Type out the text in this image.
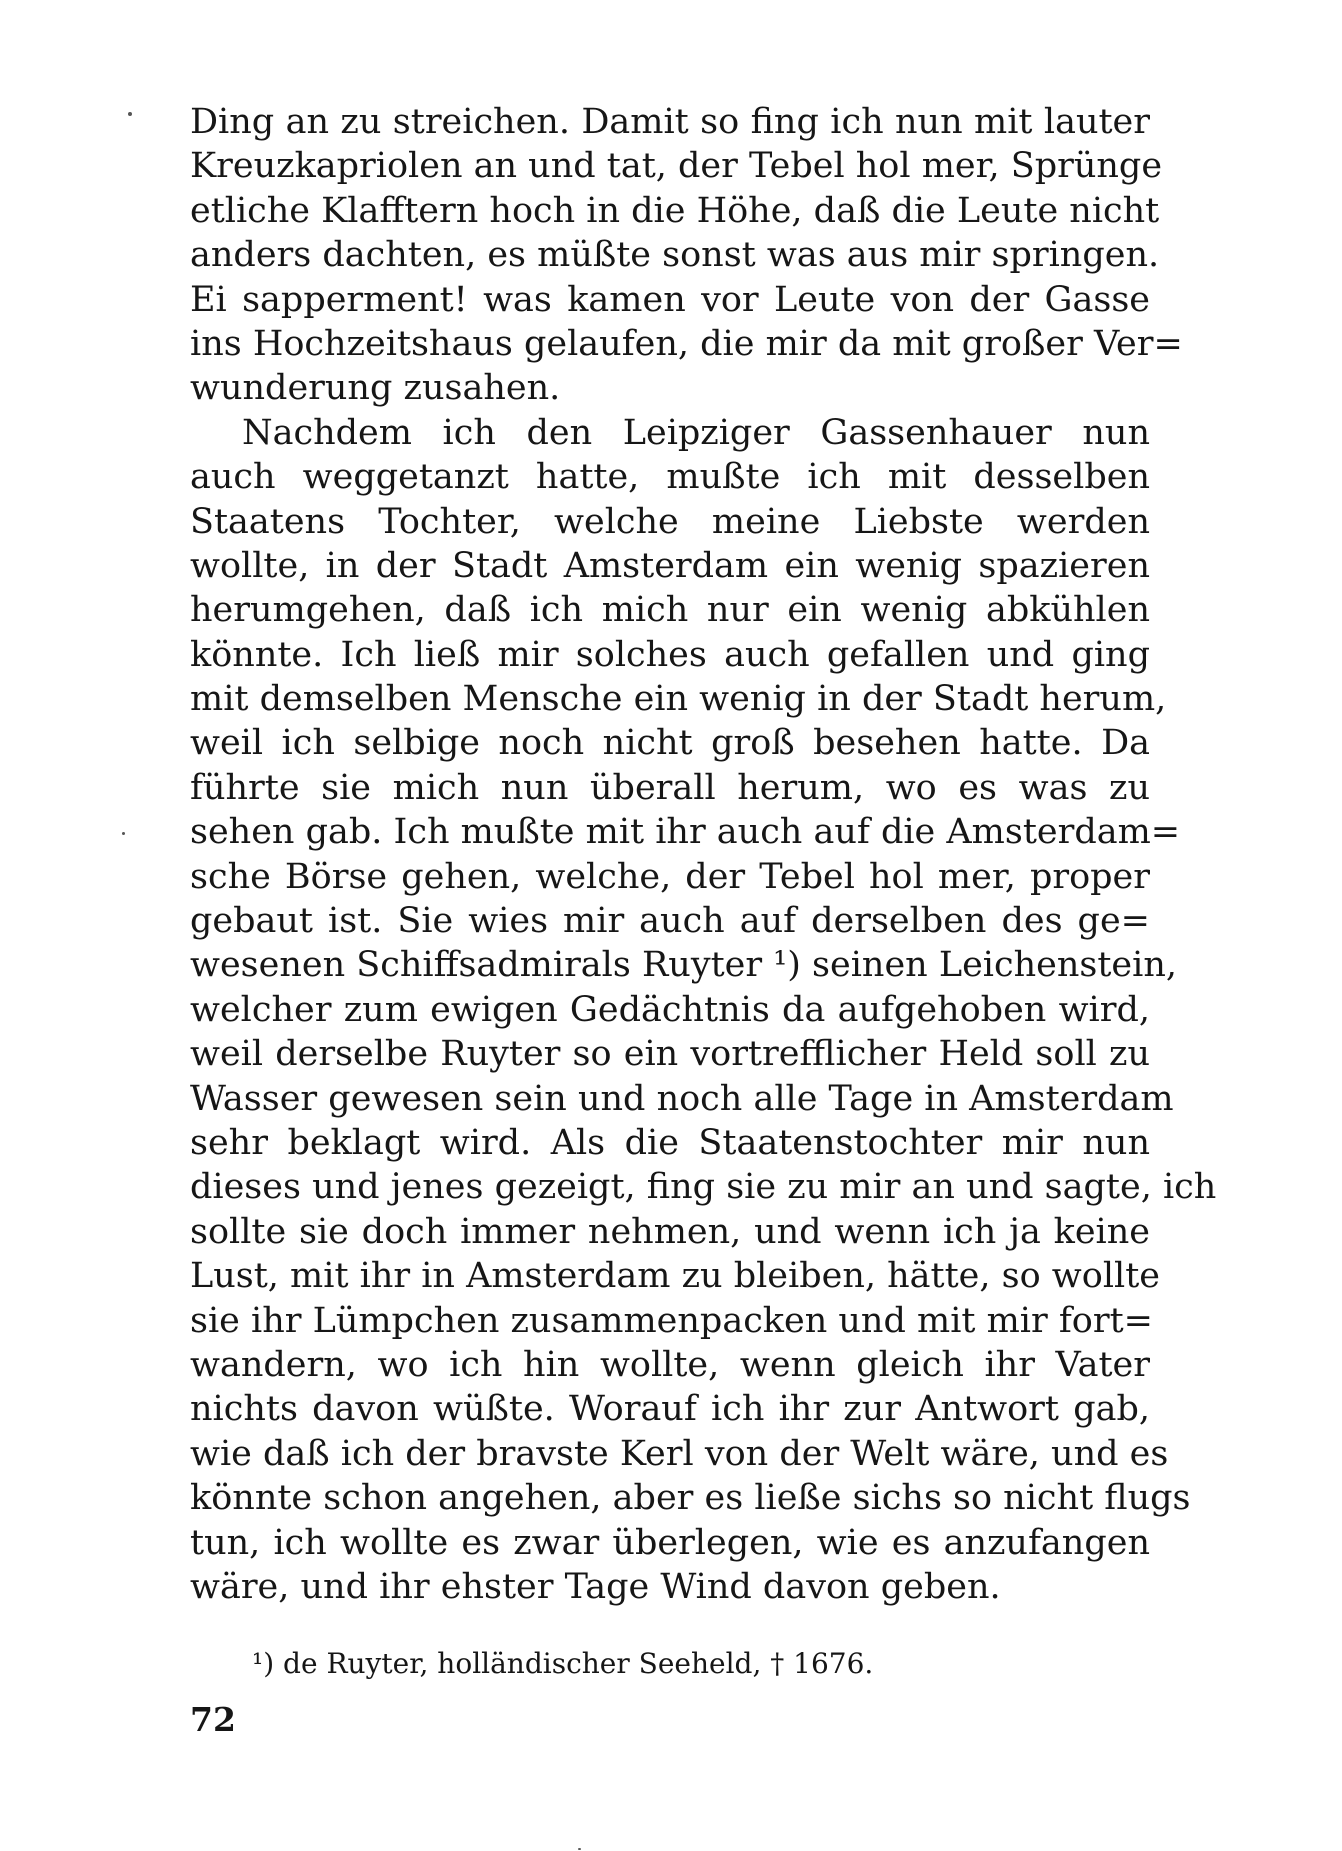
Ding an zu streichen. Damit so fing ich nun mit lauter
Kreuzkapriolen an und tat, der Tebel hol mer, Sprünge
etliche Klafftern hoch in die Höhe, daß die Leute nicht
anders dachten, es müßte sonst was aus mir springen.
Ei sapperment! was kamen vor Leute von der Gasse
ins Hochzeitshaus gelaufen, die mir da mit großer Ver=
wunderung zusahen.
Nachdem ich den Leipziger Gassenhauer nun
auch weggetanzt hatte, mußte ich mit desselben
Staatens Tochter, welche meine Liebste werden
wollte, in der Stadt Amsterdam ein wenig spazieren
herumgehen, daß ich mich nur ein wenig abkühlen
könnte. Ich ließ mir solches auch gefallen und ging
mit demselben Mensche ein wenig in der Stadt herum,
weil ich selbige noch nicht groß besehen hatte. Da
führte sie mich nun überall herum, wo es was zu
sehen gab. Ich mußte mit ihr auch auf die Amsterdam=
sche Börse gehen, welche, der Tebel hol mer, proper
gebaut ist. Sie wies mir auch auf derselben des ge=
wesenen Schiffsadmirals Ruyter ¹) seinen Leichenstein,
welcher zum ewigen Gedächtnis da aufgehoben wird,
weil derselbe Ruyter so ein vortrefflicher Held soll zu
Wasser gewesen sein und noch alle Tage in Amsterdam
sehr beklagt wird. Als die Staatenstochter mir nun
dieses und jenes gezeigt, fing sie zu mir an und sagte, ich
sollte sie doch immer nehmen, und wenn ich ja keine
Lust, mit ihr in Amsterdam zu bleiben, hätte, so wollte
sie ihr Lümpchen zusammenpacken und mit mir fort=
wandern, wo ich hin wollte, wenn gleich ihr Vater
nichts davon wüßte. Worauf ich ihr zur Antwort gab,
wie daß ich der bravste Kerl von der Welt wäre, und es
könnte schon angehen, aber es ließe sichs so nicht flugs
tun, ich wollte es zwar überlegen, wie es anzufangen
wäre, und ihr ehster Tage Wind davon geben.
¹) de Ruyter, holländischer Seeheld, † 1676.
72
